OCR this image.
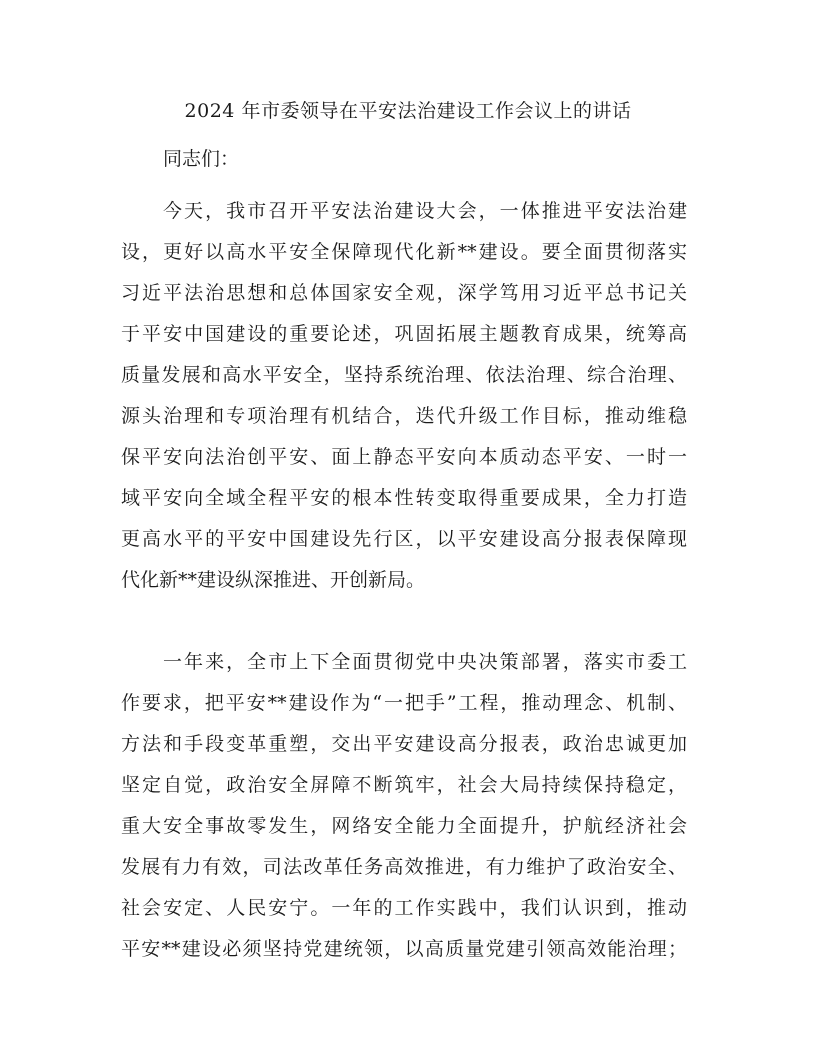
2024 年市委领导在平安法治建设工作会议上的讲话
同志们：

今天，我市召开平安法治建设大会，一体推进平安法治建
设，更好以高水平安全保障现代化新**建设。要全面贯彻落实
习近平法治思想和总体国家安全观，深学笃用习近平总书记关
于平安中国建设的重要论述，巩固拓展主题教育成果，统筹高
质量发展和高水平安全，坚持系统治理、依法治理、综合治理、
源头治理和专项治理有机结合，迭代升级工作目标，推动维稳
保平安向法治创平安、面上静态平安向本质动态平安、一时一
域平安向全域全程平安的根本性转变取得重要成果，全力打造
更高水平的平安中国建设先行区，以平安建设高分报表保障现
代化新**建设纵深推进、开创新局。

一年来，全市上下全面贯彻党中央决策部署，落实市委工
作要求，把平安**建设作为“一把手”工程，推动理念、机制、
方法和手段变革重塑，交出平安建设高分报表，政治忠诚更加
坚定自觉，政治安全屏障不断筑牢，社会大局持续保持稳定，
重大安全事故零发生，网络安全能力全面提升，护航经济社会
发展有力有效，司法改革任务高效推进，有力维护了政治安全、
社会安定、人民安宁。一年的工作实践中，我们认识到，推动
平安**建设必须坚持党建统领，以高质量党建引领高效能治理；
